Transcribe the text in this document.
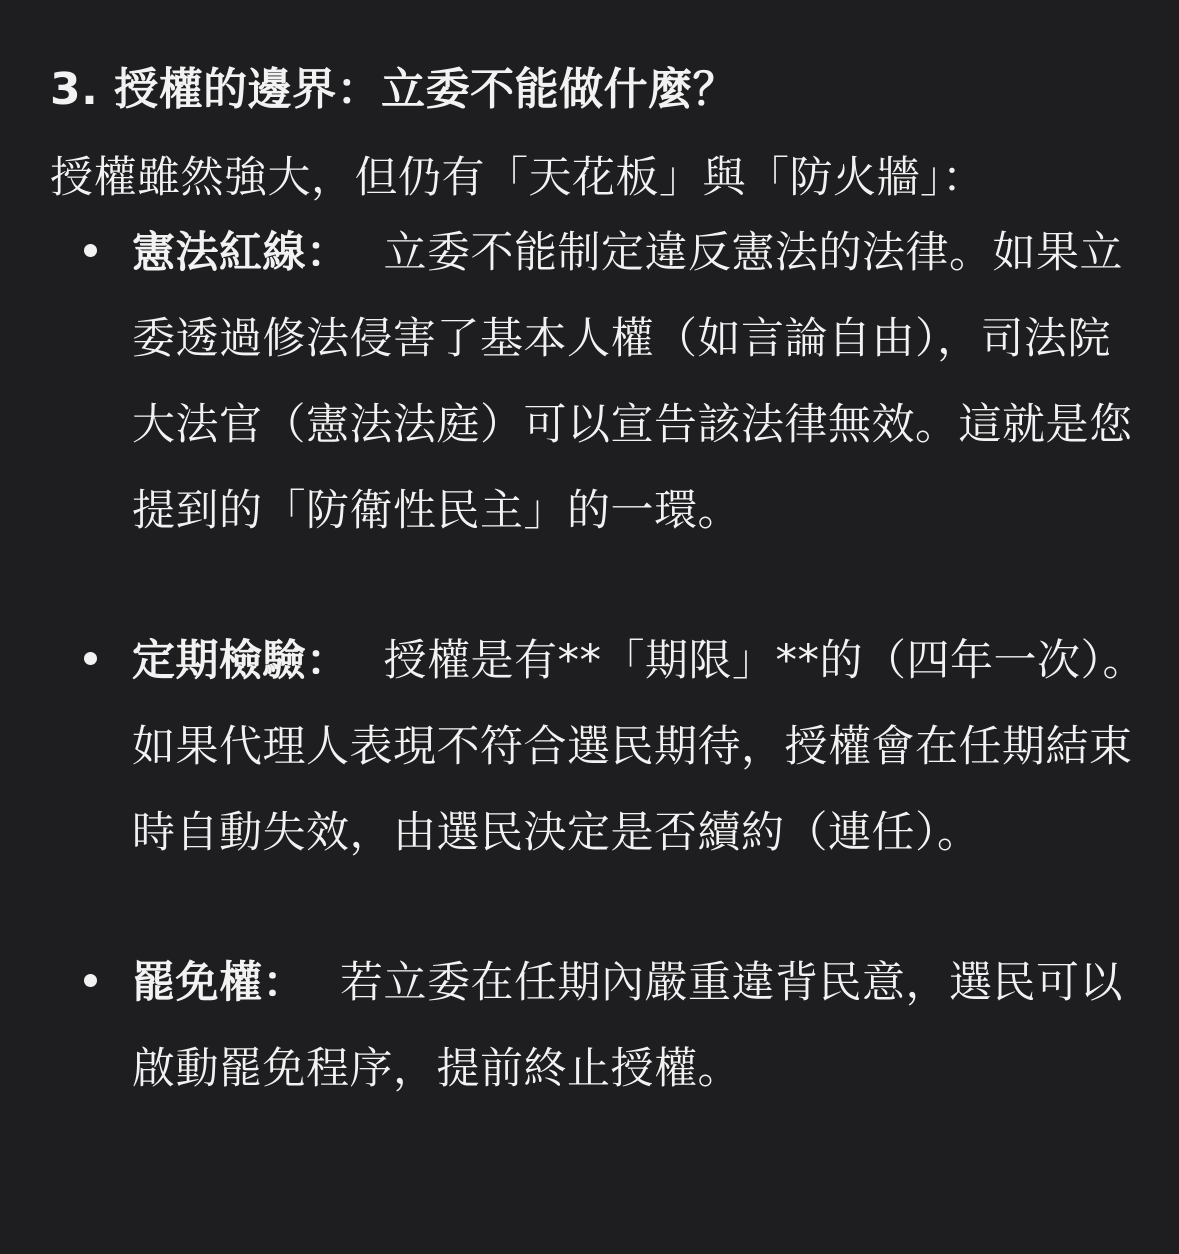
3. 授權的邊界：立委不能做什麼？

授權雖然強大，但仍有「天花板」與「防火牆」：

憲法紅線： 立委不能制定違反憲法的法律。如果立委透過修法侵害了基本人權（如言論自由），司法院大法官（憲法法庭）可以宣告該法律無效。這就是您提到的「防衛性民主」的一環。
定期檢驗： 授權是有**「期限」**的（四年一次）。如果代理人表現不符合選民期待，授權會在任期結束時自動失效，由選民決定是否續約（連任）。
罷免權： 若立委在任期內嚴重違背民意，選民可以啟動罷免程序，提前終止授權。
